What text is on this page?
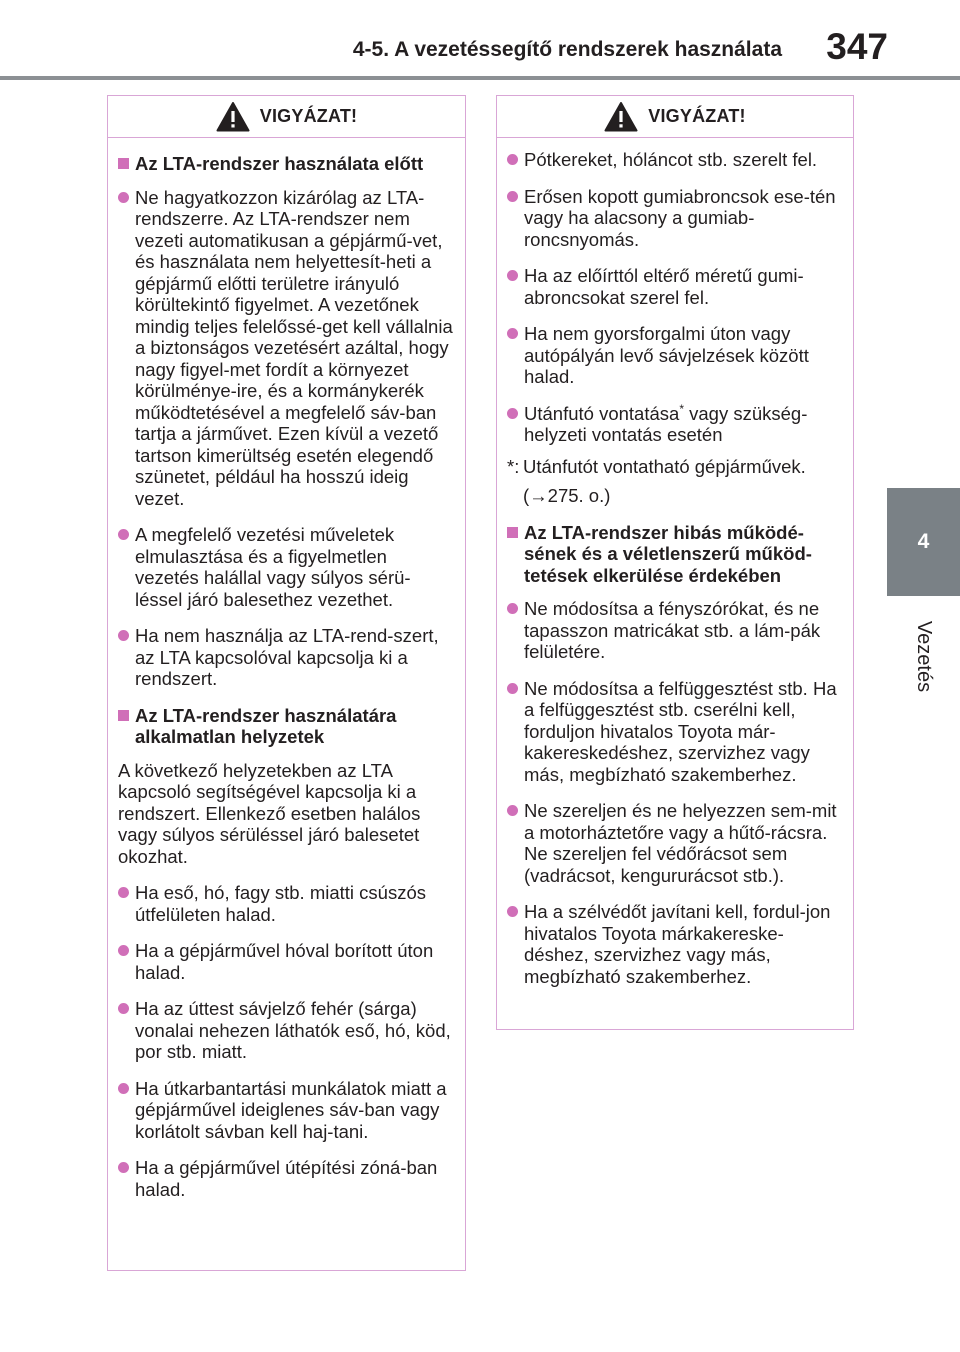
4-5. A vezetéssegítő rendszerek használata 347
4
Vezetés
VIGYÁZAT!
Az LTA-rendszer használata előtt
Ne hagyatkozzon kizárólag az LTA-rendszerre. Az LTA-rendszer nem vezeti automatikusan a gépjármű-vet, és használata nem helyettesít-heti a gépjármű előtti területre irányuló körültekintő figyelmet. A vezetőnek mindig teljes felelőssé-get kell vállalnia a biztonságos vezetésért azáltal, hogy nagy figyel-met fordít a környezet körülménye-ire, és a kormánykerék működtetésével a megfelelő sáv-ban tartja a járművet. Ezen kívül a vezető tartson kimerültség esetén elegendő szünetet, például ha hosszú ideig vezet.
A megfelelő vezetési műveletek elmulasztása és a figyelmetlen vezetés halállal vagy súlyos sérü-léssel járó balesethez vezethet.
Ha nem használja az LTA-rend-szert, az LTA kapcsolóval kapcsolja ki a rendszert.
Az LTA-rendszer használatára alkalmatlan helyzetek
A következő helyzetekben az LTA kapcsoló segítségével kapcsolja ki a rendszert. Ellenkező esetben halálos vagy súlyos sérüléssel járó balesetet okozhat.
Ha eső, hó, fagy stb. miatti csúszós útfelületen halad.
Ha a gépjárművel hóval borított úton halad.
Ha az úttest sávjelző fehér (sárga) vonalai nehezen láthatók eső, hó, köd, por stb. miatt.
Ha útkarbantartási munkálatok miatt a gépjárművel ideiglenes sáv-ban vagy korlátolt sávban kell haj-tani.
Ha a gépjárművel útépítési zóná-ban halad.
VIGYÁZAT!
Pótkereket, hóláncot stb. szerelt fel.
Erősen kopott gumiabroncsok ese-tén vagy ha alacsony a gumiab-roncsnyomás.
Ha az előírttól eltérő méretű gumi-abroncsokat szerel fel.
Ha nem gyorsforgalmi úton vagy autópályán levő sávjelzések között halad.
Utánfutó vontatása* vagy szükség-helyzeti vontatás esetén
*: Utánfutót vontatható gépjárművek.
(→275. o.)
Az LTA-rendszer hibás működé-sének és a véletlenszerű működ-tetések elkerülése érdekében
Ne módosítsa a fényszórókat, és ne tapasszon matricákat stb. a lám-pák felületére.
Ne módosítsa a felfüggesztést stb. Ha a felfüggesztést stb. cserélni kell, forduljon hivatalos Toyota már-kakereskedéshez, szervizhez vagy más, megbízható szakemberhez.
Ne szereljen és ne helyezzen sem-mit a motorháztetőre vagy a hűtő-rácsra. Ne szereljen fel védőrácsot sem (vadrácsot, kengururácsot stb.).
Ha a szélvédőt javítani kell, fordul-jon hivatalos Toyota márkakereske-déshez, szervizhez vagy más, megbízható szakemberhez.
